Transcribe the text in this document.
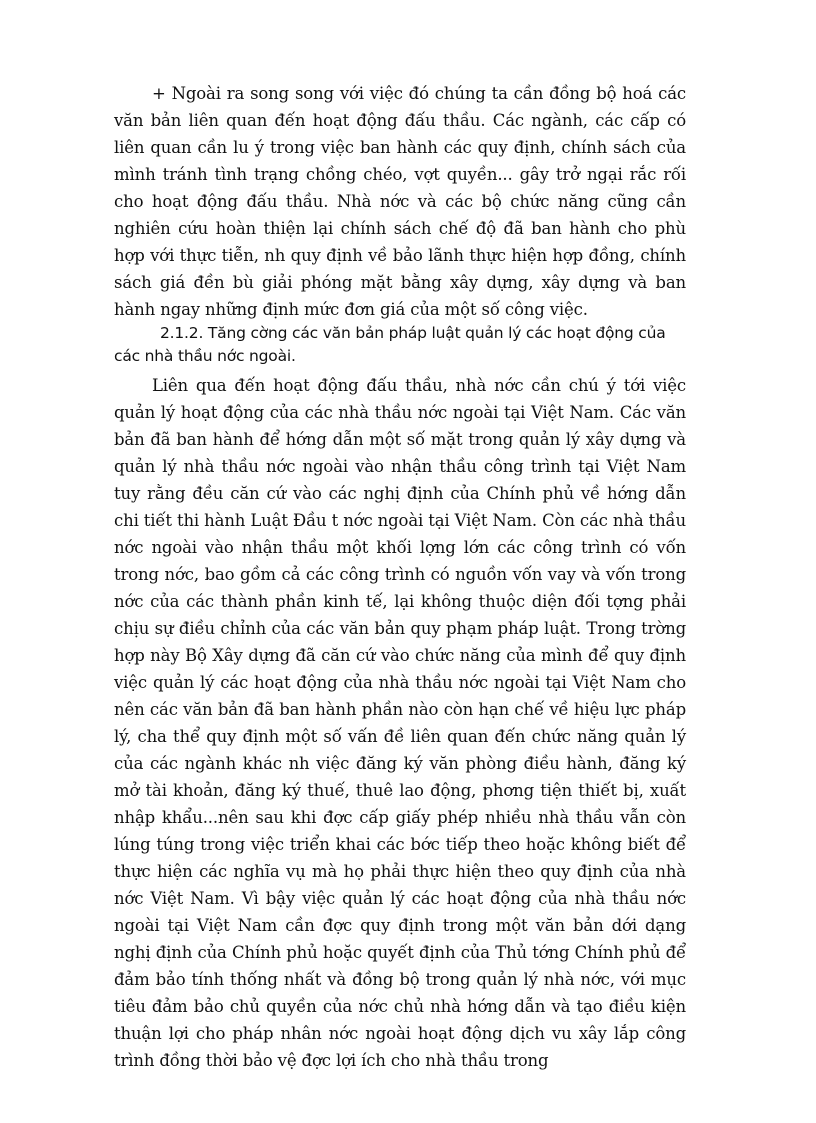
+ Ngoài ra song song với việc đó chúng ta cần đồng bộ hoá các văn bản liên quan đến hoạt động đấu thầu. Các ngành, các cấp có liên quan cần lu ý trong việc ban hành các quy định, chính sách của mình tránh tình trạng chồng chéo, vợt quyền... gây trở ngại rắc rối cho hoạt động đấu thầu. Nhà nớc và các bộ chức năng cũng cần nghiên cứu hoàn thiện lại chính sách chế độ đã ban hành cho phù hợp với thực tiễn, nh quy định về bảo lãnh thực hiện hợp đồng, chính sách giá đền bù giải phóng mặt bằng xây dựng, xây dựng và ban hành ngay những định mức đơn giá của một số công việc.

2.1.2. Tăng cờng các văn bản pháp luật quản lý các hoạt động của các nhà thầu nớc ngoài.

Liên qua đến hoạt động đấu thầu, nhà nớc cần chú ý tới việc quản lý hoạt động của các nhà thầu nớc ngoài tại Việt Nam. Các văn bản đã ban hành để hớng dẫn một số mặt trong quản lý xây dựng và quản lý nhà thầu nớc ngoài vào nhận thầu công trình tại Việt Nam tuy rằng đều căn cứ vào các nghị định của Chính phủ về hớng dẫn chi tiết thi hành Luật Đầu t nớc ngoài tại Việt Nam. Còn các nhà thầu nớc ngoài vào nhận thầu một khối lợng lớn các công trình có vốn trong nớc, bao gồm cả các công trình có nguồn vốn vay và vốn trong nớc của các thành phần kinh tế, lại không thuộc diện đối tợng phải chịu sự điều chỉnh của các văn bản quy phạm pháp luật. Trong trờng hợp này Bộ Xây dựng đã căn cứ vào chức năng của mình để quy định việc quản lý các hoạt động của nhà thầu nớc ngoài tại Việt Nam cho nên các văn bản đã ban hành phần nào còn hạn chế về hiệu lực pháp lý, cha thể quy định một số vấn đề liên quan đến chức năng quản lý của các ngành khác nh việc đăng ký văn phòng điều hành, đăng ký mở tài khoản, đăng ký thuế, thuê lao động, phơng tiện thiết bị, xuất nhập khẩu...nên sau khi đợc cấp giấy phép nhiều nhà thầu vẫn còn lúng túng trong việc triển khai các bớc tiếp theo hoặc không biết để thực hiện các nghĩa vụ mà họ phải thực hiện theo quy định của nhà nớc Việt Nam. Vì bậy việc quản lý các hoạt động của nhà thầu nớc ngoài tại Việt Nam cần đợc quy định trong một văn bản dới dạng nghị định của Chính phủ hoặc quyết định của Thủ tớng Chính phủ để đảm bảo tính thống nhất và đồng bộ trong quản lý nhà nớc, với mục tiêu đảm bảo chủ quyền của nớc chủ nhà hớng dẫn và tạo điều kiện thuận lợi cho pháp nhân nớc ngoài hoạt động dịch vu xây lắp công trình đồng thời bảo vệ đợc lợi ích cho nhà thầu trong
